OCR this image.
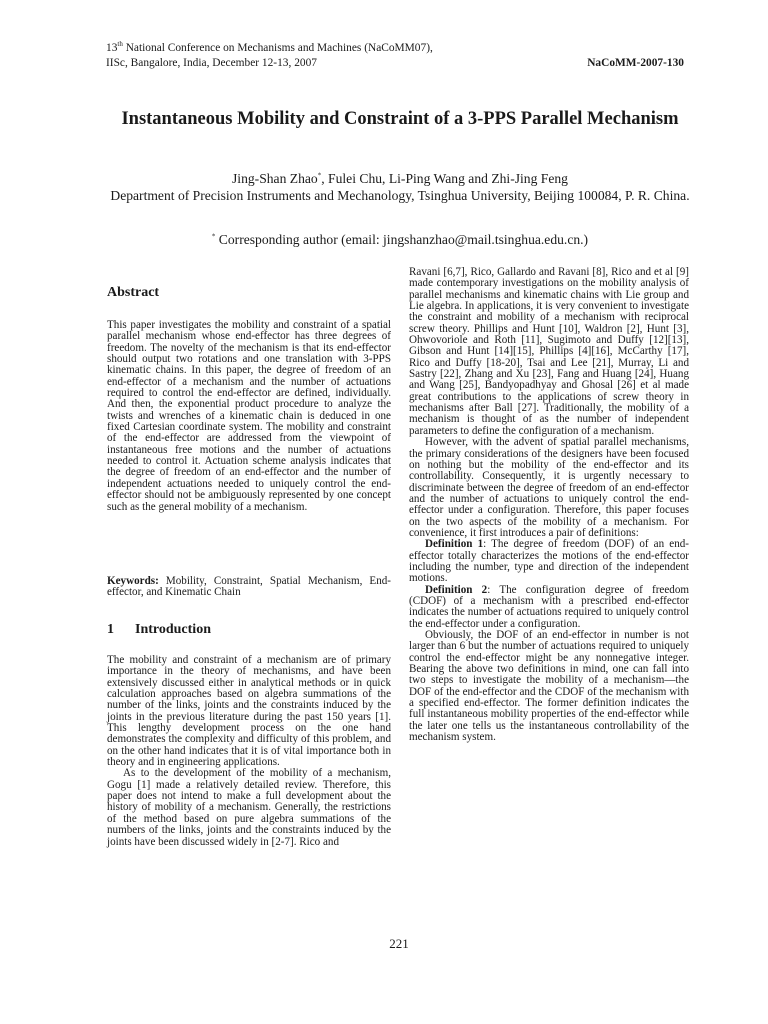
13th National Conference on Mechanisms and Machines (NaCoMM07),
IISc, Bangalore, India, December 12-13, 2007	NaCoMM-2007-130
Instantaneous Mobility and Constraint of a 3-PPS Parallel Mechanism
Jing-Shan Zhao*, Fulei Chu, Li-Ping Wang and Zhi-Jing Feng
Department of Precision Instruments and Mechanology, Tsinghua University, Beijing 100084, P. R. China.
* Corresponding author (email: jingshanzhao@mail.tsinghua.edu.cn.)
Abstract

This paper investigates the mobility and constraint of a spatial parallel mechanism whose end-effector has three degrees of freedom. The novelty of the mechanism is that its end-effector should output two rotations and one translation with 3-PPS kinematic chains. In this paper, the degree of freedom of an end-effector of a mechanism and the number of actuations required to control the end-effector are defined, individually. And then, the exponential product procedure to analyze the twists and wrenches of a kinematic chain is deduced in one fixed Cartesian coordinate system. The mobility and constraint of the end-effector are addressed from the viewpoint of instantaneous free motions and the number of actuations needed to control it. Actuation scheme analysis indicates that the degree of freedom of an end-effector and the number of independent actuations needed to uniquely control the end-effector should not be ambiguously represented by one concept such as the general mobility of a mechanism.

Keywords: Mobility, Constraint, Spatial Mechanism, End-effector, and Kinematic Chain

1 Introduction

The mobility and constraint of a mechanism are of primary importance in the theory of mechanisms, and have been extensively discussed either in analytical methods or in quick calculation approaches based on algebra summations of the number of the links, joints and the constraints induced by the joints in the previous literature during the past 150 years [1]. This lengthy development process on the one hand demonstrates the complexity and difficulty of this problem, and on the other hand indicates that it is of vital importance both in theory and in engineering applications.

As to the development of the mobility of a mechanism, Gogu [1] made a relatively detailed review. Therefore, this paper does not intend to make a full development about the history of mobility of a mechanism. Generally, the restrictions of the method based on pure algebra summations of the numbers of the links, joints and the constraints induced by the joints have been discussed widely in [2-7]. Rico and

Ravani [6,7], Rico, Gallardo and Ravani [8], Rico and et al [9] made contemporary investigations on the mobility analysis of parallel mechanisms and kinematic chains with Lie group and Lie algebra. In applications, it is very convenient to investigate the constraint and mobility of a mechanism with reciprocal screw theory. Phillips and Hunt [10], Waldron [2], Hunt [3], Ohwovoriole and Roth [11], Sugimoto and Duffy [12][13], Gibson and Hunt [14][15], Phillips [4][16], McCarthy [17], Rico and Duffy [18-20], Tsai and Lee [21], Murray, Li and Sastry [22], Zhang and Xu [23], Fang and Huang [24], Huang and Wang [25], Bandyopadhyay and Ghosal [26] et al made great contributions to the applications of screw theory in mechanisms after Ball [27]. Traditionally, the mobility of a mechanism is thought of as the number of independent parameters to define the configuration of a mechanism.

However, with the advent of spatial parallel mechanisms, the primary considerations of the designers have been focused on nothing but the mobility of the end-effector and its controllability. Consequently, it is urgently necessary to discriminate between the degree of freedom of an end-effector and the number of actuations to uniquely control the end-effector under a configuration. Therefore, this paper focuses on the two aspects of the mobility of a mechanism. For convenience, it first introduces a pair of definitions:

Definition 1: The degree of freedom (DOF) of an end-effector totally characterizes the motions of the end-effector including the number, type and direction of the independent motions.

Definition 2: The configuration degree of freedom (CDOF) of a mechanism with a prescribed end-effector indicates the number of actuations required to uniquely control the end-effector under a configuration.

Obviously, the DOF of an end-effector in number is not larger than 6 but the number of actuations required to uniquely control the end-effector might be any nonnegative integer. Bearing the above two definitions in mind, one can fall into two steps to investigate the mobility of a mechanism—the DOF of the end-effector and the CDOF of the mechanism with a specified end-effector. The former definition indicates the full instantaneous mobility properties of the end-effector while the later one tells us the instantaneous controllability of the mechanism system.

221
